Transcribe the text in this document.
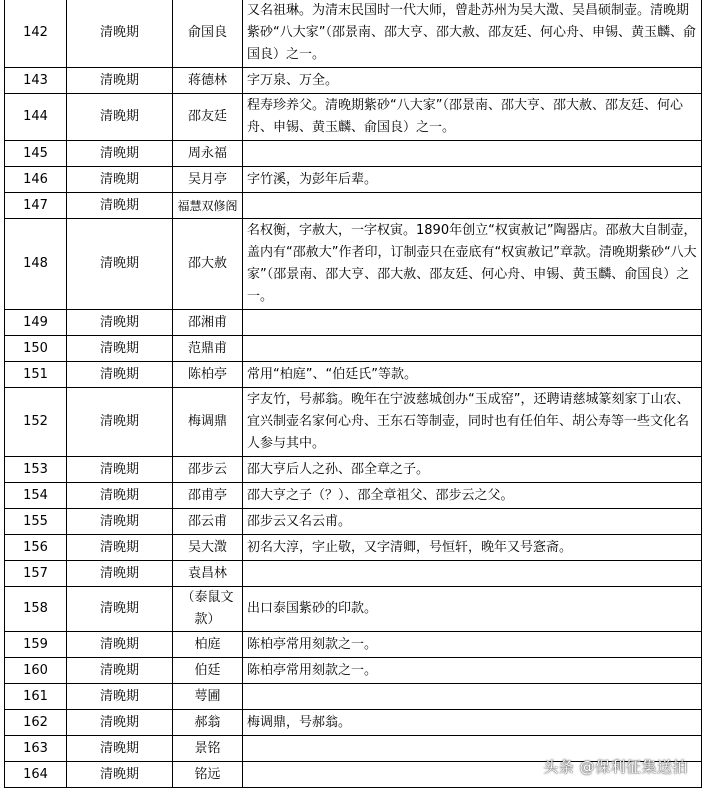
142	清晚期	俞国良	又名祖琳。为清末民国时一代大师，曾赴苏州为吴大澂、吴昌硕制壶。清晚期紫砂“八大家”（邵景南、邵大亨、邵大赦、邵友廷、何心舟、申锡、黄玉麟、俞国良）之一。
143	清晚期	蒋德林	字万泉、万全。
144	清晚期	邵友廷	程寿珍养父。清晚期紫砂“八大家”（邵景南、邵大亨、邵大赦、邵友廷、何心舟、申锡、黄玉麟、俞国良）之一。
145	清晚期	周永福	
146	清晚期	吴月亭	字竹溪，为彭年后辈。
147	清晚期	福慧双修阁	
148	清晚期	邵大赦	名权衡，字赦大，一字权寅。1890年创立“权寅赦记”陶器店。邵赦大自制壶，盖内有“邵赦大”作者印，订制壶只在壶底有“权寅赦记”章款。清晚期紫砂“八大家”（邵景南、邵大亨、邵大赦、邵友廷、何心舟、申锡、黄玉麟、俞国良）之一。
149	清晚期	邵湘甫	
150	清晚期	范鼎甫	
151	清晚期	陈柏亭	常用“柏庭”、“伯廷氏”等款。
152	清晚期	梅调鼎	字友竹，号郝翁。晚年在宁波慈城创办“玉成窑”，还聘请慈城篆刻家丁山农、宜兴制壶名家何心舟、王东石等制壶，同时也有任伯年、胡公寿等一些文化名人参与其中。
153	清晚期	邵步云	邵大亨后人之孙、邵全章之子。
154	清晚期	邵甫亭	邵大亨之子（？）、邵全章祖父、邵步云之父。
155	清晚期	邵云甫	邵步云又名云甫。
156	清晚期	吴大澂	初名大淳，字止敬，又字清卿，号恒轩，晚年又号愙斋。
157	清晚期	袁昌林	
158	清晚期	（泰鼠文款）	出口泰国紫砂的印款。
159	清晚期	柏庭	陈柏亭常用刻款之一。
160	清晚期	伯廷	陈柏亭常用刻款之一。
161	清晚期	萼圃	
162	清晚期	郝翁	梅调鼎，号郝翁。
163	清晚期	景铭	
164	清晚期	铭远		头条 @保利征集送拍
